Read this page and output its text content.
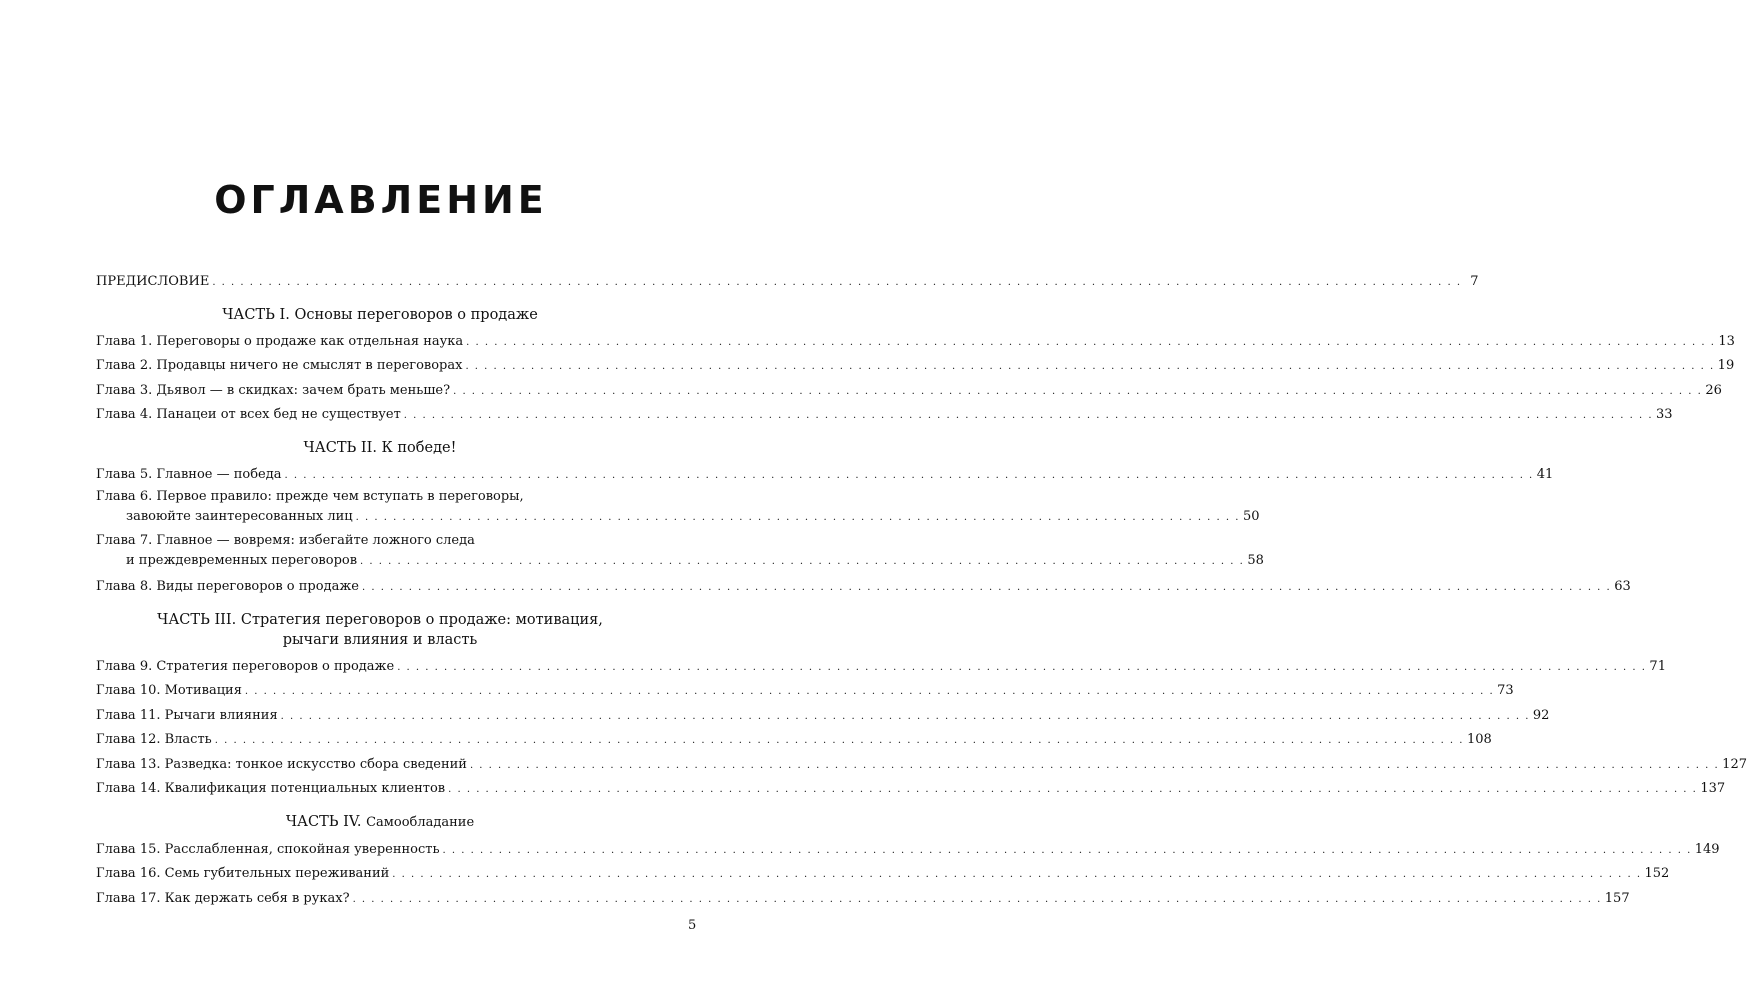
ОГЛАВЛЕНИЕ
ПРЕДИСЛОВИЕ . . .	7
ЧАСТЬ I. Основы переговоров о продаже
Глава 1. Переговоры о продаже как отдельная наука . . .	13
Глава 2. Продавцы ничего не смыслят в переговорах . . .	19
Глава 3. Дьявол — в скидках: зачем брать меньше? . . .	26
Глава 4. Панацеи от всех бед не существует . . .	33
ЧАСТЬ II. К победе!
Глава 5. Главное — победа . . .	41
Глава 6. Первое правило: прежде чем вступать в переговоры,
завоюйте заинтересованных лиц . . .	50
Глава 7. Главное — вовремя: избегайте ложного следа
и преждевременных переговоров . . .	58
Глава 8. Виды переговоров о продаже . . .	63
ЧАСТЬ III. Стратегия переговоров о продаже: мотивация,
рычаги влияния и власть
Глава 9. Стратегия переговоров о продаже . . .	71
Глава 10. Мотивация . . .	73
Глава 11. Рычаги влияния . . .	92
Глава 12. Власть . . .	108
Глава 13. Разведка: тонкое искусство сбора сведений . . .	127
Глава 14. Квалификация потенциальных клиентов . . .	137
ЧАСТЬ IV. Самообладание
Глава 15. Расслабленная, спокойная уверенность . . .	149
Глава 16. Семь губительных переживаний . . .	152
Глава 17. Как держать себя в руках? . . .	157
5
